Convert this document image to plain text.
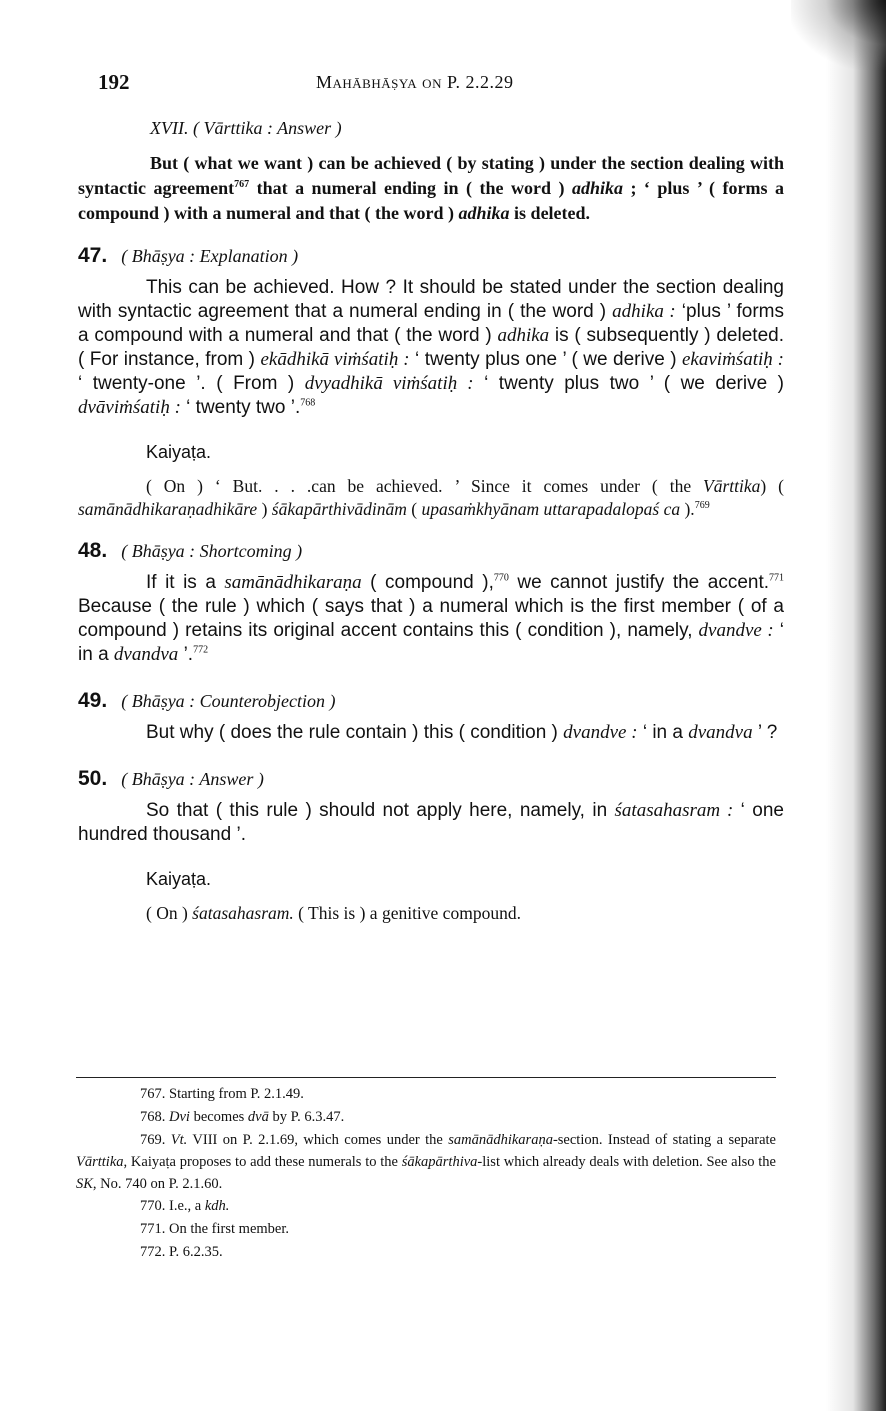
192	Mahābhāṣya on P. 2.2.29

XVII. ( Vārttika : Answer )

But ( what we want ) can be achieved ( by stating ) under the section dealing with syntactic agreement$^{767}$ that a numeral ending in ( the word ) adhika ; ‘ plus ’ ( forms a compound ) with a numeral and that ( the word ) adhika is deleted.

47. ( Bhāṣya : Explanation )

This can be achieved. How ? It should be stated under the section dealing with syntactic agreement that a numeral ending in ( the word ) adhika : ‘plus ’ forms a compound with a numeral and that ( the word ) adhika is ( subsequently ) deleted. ( For instance, from ) ekādhikā viṁśatiḥ : ‘ twenty plus one ’ ( we derive ) ekaviṁśatiḥ : ‘ twenty-one ’. ( From ) dvyadhikā viṁśatiḥ : ‘ twenty plus two ’ ( we derive ) dvāviṁśatiḥ : ‘ twenty two ’.$^{768}$

Kaiyaṭa.

( On ) ‘ But. . . .can be achieved. ’ Since it comes under ( the Vārttika) ( samānādhikaraṇadhikāre ) śākapārthivādinām ( upasaṁkhyānam uttarapadalopaś ca ).$^{769}$

48. ( Bhāṣya : Shortcoming )

If it is a samānādhikaraṇa ( compound ),$^{770}$ we cannot justify the accent.$^{771}$ Because ( the rule ) which ( says that ) a numeral which is the first member ( of a compound ) retains its original accent contains this ( condition ), namely, dvandve : ‘ in a dvandva ’.$^{772}$

49. ( Bhāṣya : Counterobjection )

But why ( does the rule contain ) this ( condition ) dvandve : ‘ in a dvandva ’ ?

50. ( Bhāṣya : Answer )

So that ( this rule ) should not apply here, namely, in śatasahasram : ‘ one hundred thousand ’.

Kaiyaṭa.

( On ) śatasahasram. ( This is ) a genitive compound.

767. Starting from P. 2.1.49.

768. Dvi becomes dvā by P. 6.3.47.

769. Vt. VIII on P. 2.1.69, which comes under the samānādhikaraṇa-section. Instead of stating a separate Vārttika, Kaiyaṭa proposes to add these numerals to the śākapārthiva-list which already deals with deletion. See also the SK, No. 740 on P. 2.1.60.

770. I.e., a kdh.

771. On the first member.

772. P. 6.2.35.
